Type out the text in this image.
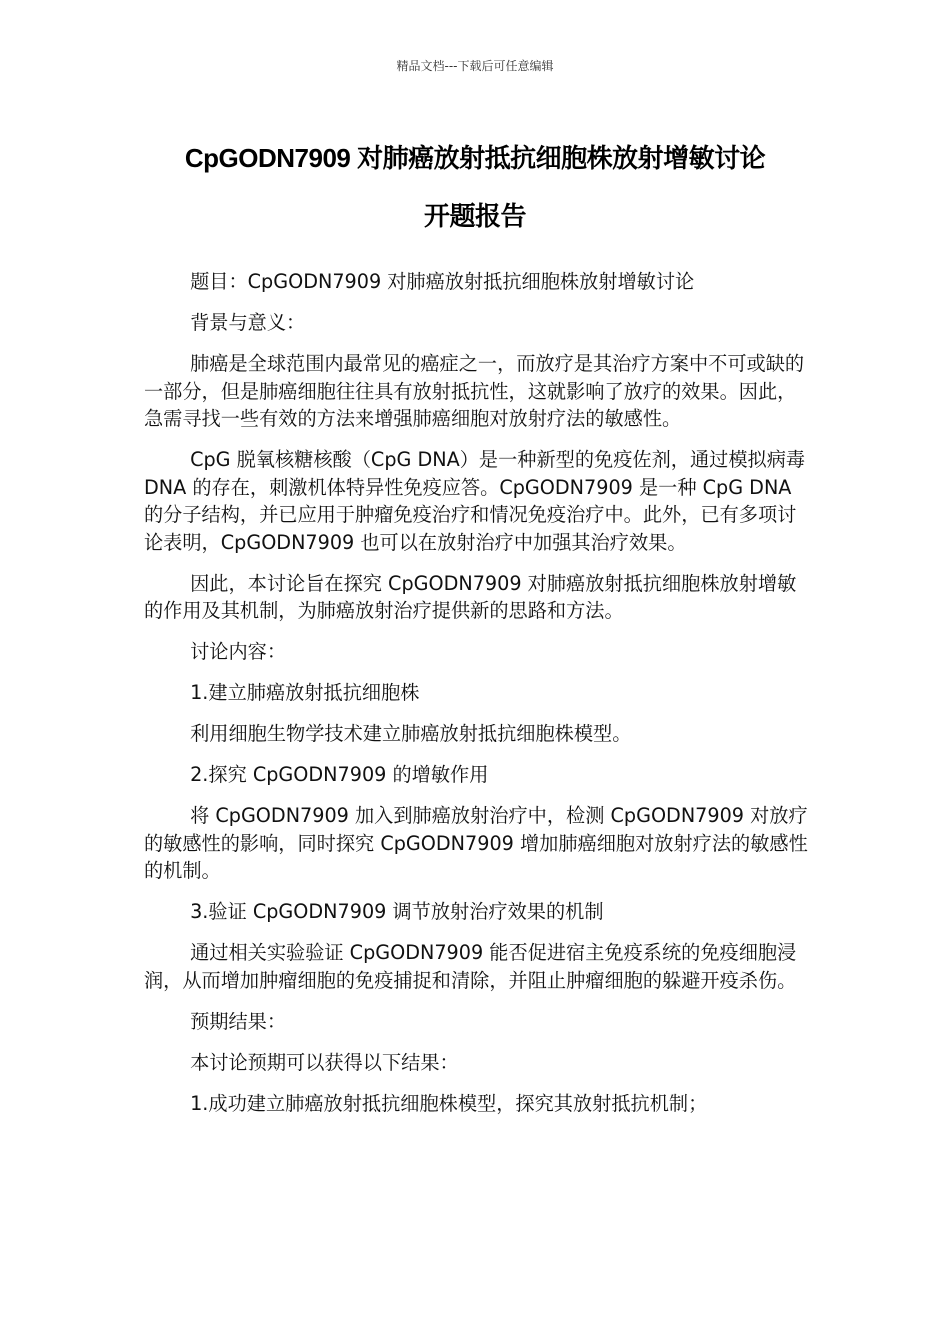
精品文档---下载后可任意编辑
CpGODN7909 对肺癌放射抵抗细胞株放射增敏讨论
开题报告

题目：CpGODN7909 对肺癌放射抵抗细胞株放射增敏讨论

背景与意义：

肺癌是全球范围内最常见的癌症之一，而放疗是其治疗方案中不可或缺的一部分，但是肺癌细胞往往具有放射抵抗性，这就影响了放疗的效果。因此，急需寻找一些有效的方法来增强肺癌细胞对放射疗法的敏感性。

CpG 脱氧核糖核酸（CpG DNA）是一种新型的免疫佐剂，通过模拟病毒 DNA 的存在，刺激机体特异性免疫应答。CpGODN7909 是一种 CpG DNA 的分子结构，并已应用于肿瘤免疫治疗和情况免疫治疗中。此外，已有多项讨论表明，CpGODN7909 也可以在放射治疗中加强其治疗效果。

因此，本讨论旨在探究 CpGODN7909 对肺癌放射抵抗细胞株放射增敏的作用及其机制，为肺癌放射治疗提供新的思路和方法。

讨论内容：

1.建立肺癌放射抵抗细胞株

利用细胞生物学技术建立肺癌放射抵抗细胞株模型。

2.探究 CpGODN7909 的增敏作用

将 CpGODN7909 加入到肺癌放射治疗中，检测 CpGODN7909 对放疗的敏感性的影响，同时探究 CpGODN7909 增加肺癌细胞对放射疗法的敏感性的机制。

3.验证 CpGODN7909 调节放射治疗效果的机制

通过相关实验验证 CpGODN7909 能否促进宿主免疫系统的免疫细胞浸润，从而增加肿瘤细胞的免疫捕捉和清除，并阻止肿瘤细胞的躲避开疫杀伤。

预期结果：

本讨论预期可以获得以下结果：

1.成功建立肺癌放射抵抗细胞株模型，探究其放射抵抗机制；
